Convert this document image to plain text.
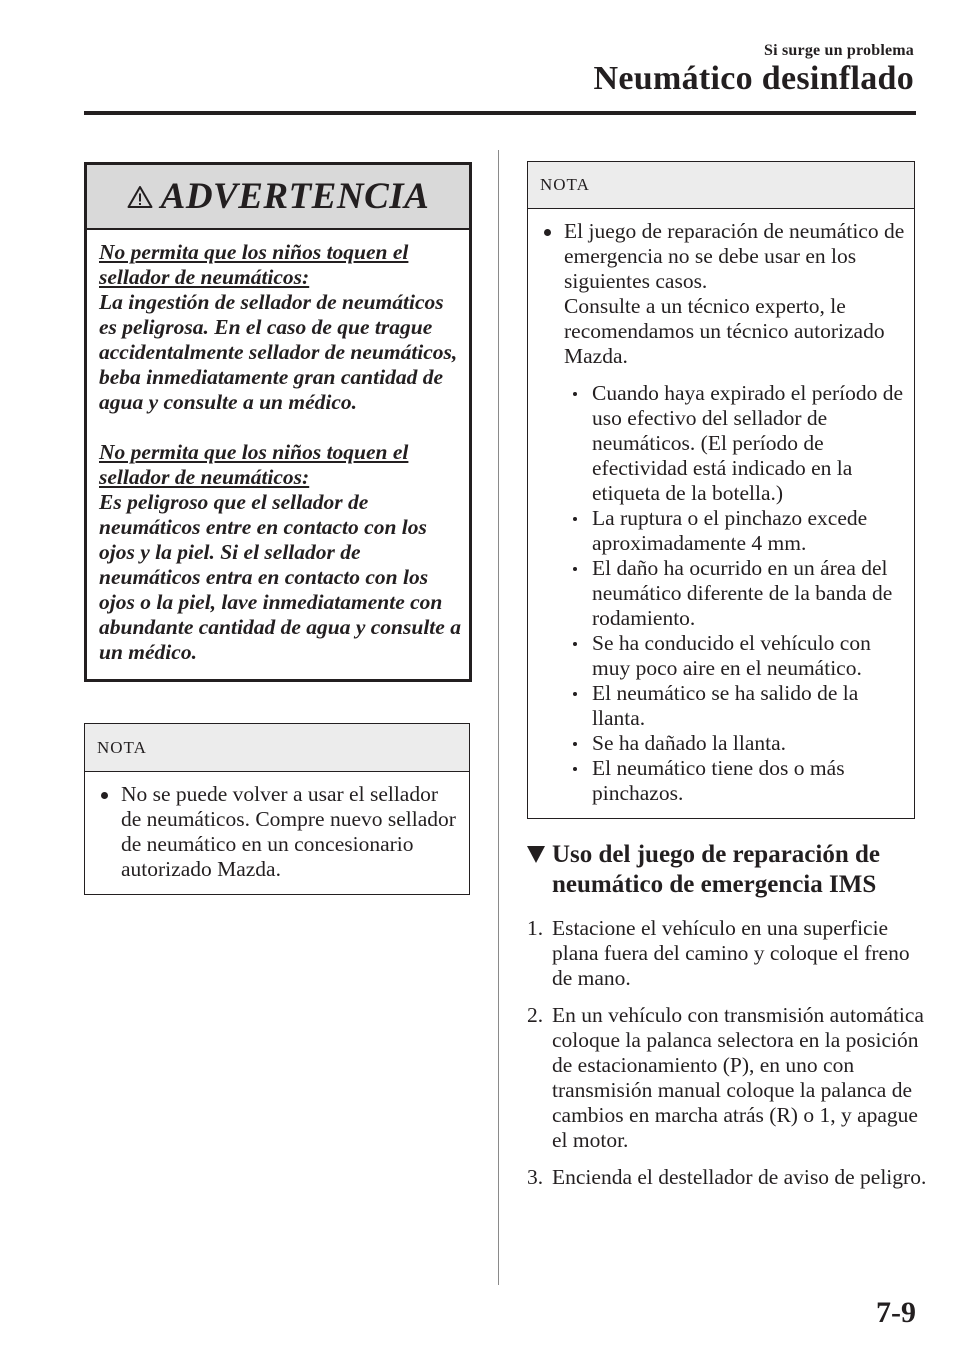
Si surge un problema
Neumático desinflado
ADVERTENCIA

No permita que los niños toquen el sellador de neumáticos:

La ingestión de sellador de neumáticos es peligrosa. En el caso de que trague accidentalmente sellador de neumáticos, beba inmediatamente gran cantidad de agua y consulte a un médico.

No permita que los niños toquen el sellador de neumáticos:

Es peligroso que el sellador de neumáticos entre en contacto con los ojos y la piel. Si el sellador de neumáticos entra en contacto con los ojos o la piel, lave inmediatamente con abundante cantidad de agua y consulte a un médico.

NOTA

No se puede volver a usar el sellador de neumáticos. Compre nuevo sellador de neumático en un concesionario autorizado Mazda.

NOTA

El juego de reparación de neumático de emergencia no se debe usar en los siguientes casos.

Consulte a un técnico experto, le recomendamos un técnico autorizado Mazda.

Cuando haya expirado el período de uso efectivo del sellador de neumáticos. (El período de efectividad está indicado en la etiqueta de la botella.)
La ruptura o el pinchazo excede aproximadamente 4 mm.
El daño ha ocurrido en un área del neumático diferente de la banda de rodamiento.
Se ha conducido el vehículo con muy poco aire en el neumático.
El neumático se ha salido de la llanta.
Se ha dañado la llanta.
El neumático tiene dos o más pinchazos.
Uso del juego de reparación de neumático de emergencia IMS
1. Estacione el vehículo en una superficie plana fuera del camino y coloque el freno de mano.
2. En un vehículo con transmisión automática coloque la palanca selectora en la posición de estacionamiento (P), en uno con transmisión manual coloque la palanca de cambios en marcha atrás (R) o 1, y apague el motor.
3. Encienda el destellador de aviso de peligro.
7-9
